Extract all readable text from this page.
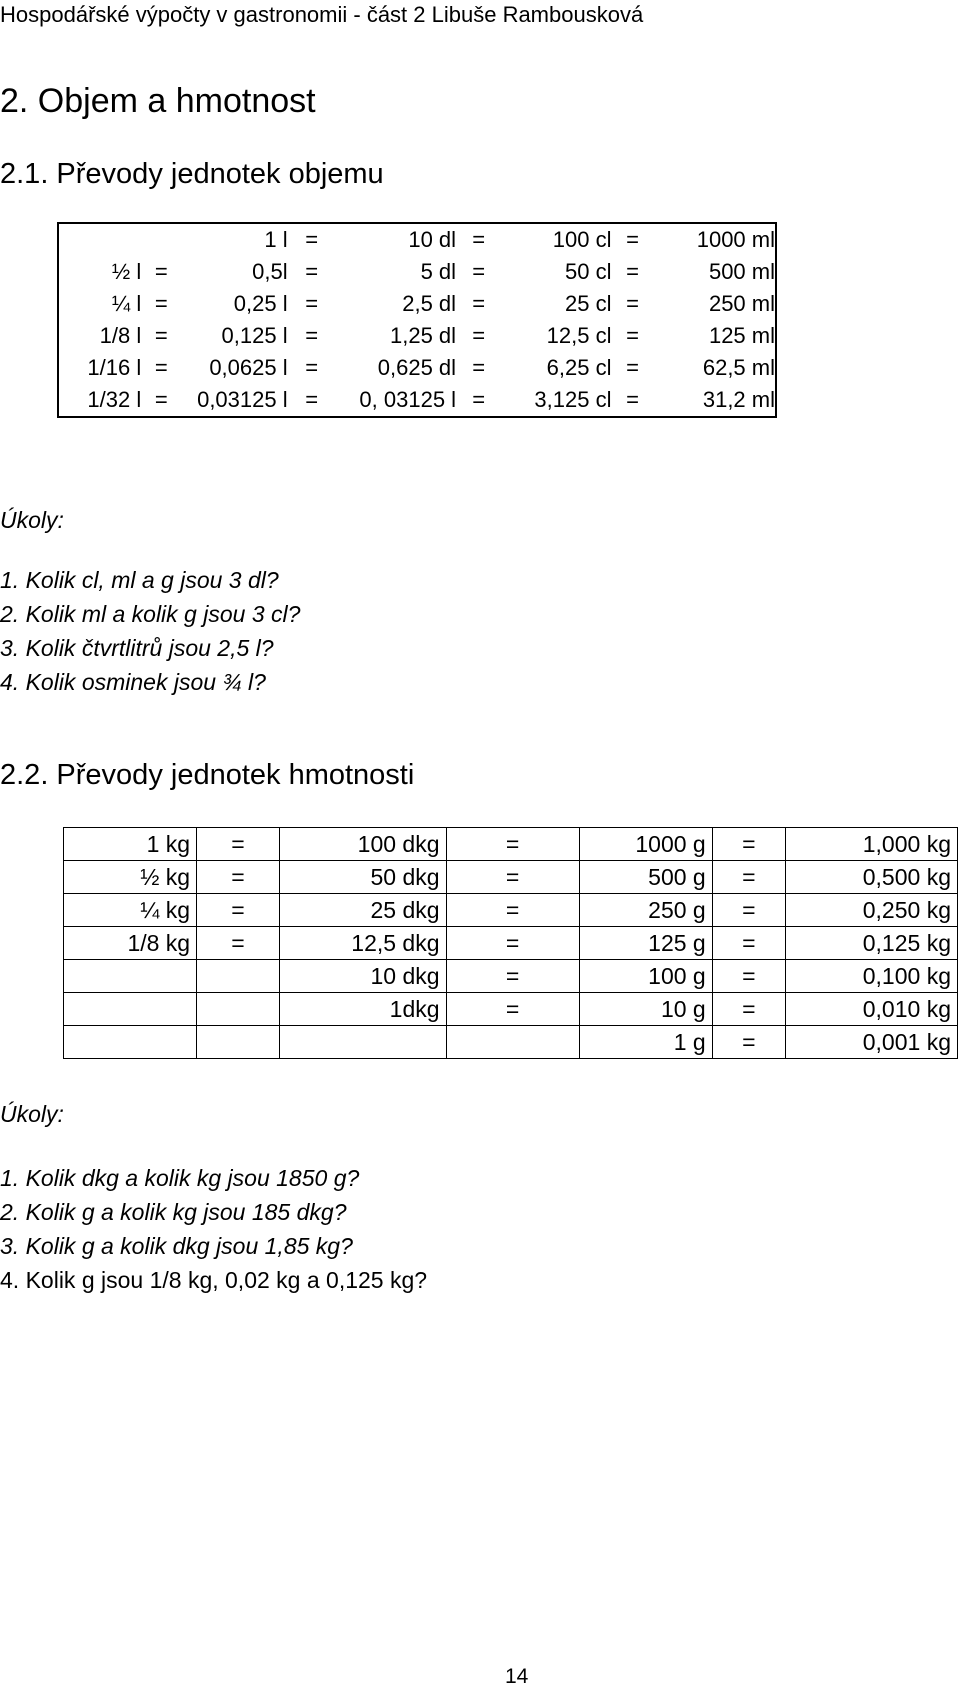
Hospodářské výpočty v gastronomii - část 2 Libuše Rambousková
2. Objem a hmotnost
2.1. Převody jednotek objemu
		1 l	=	10 dl	=	100 cl	=	1000 ml
½ l	=	0,5l	=	5 dl	=	50 cl	=	500 ml
¼ l	=	0,25 l	=	2,5 dl	=	25 cl	=	250 ml
1/8 l	=	0,125 l	=	1,25 dl	=	12,5 cl	=	125 ml
1/16 l	=	0,0625 l	=	0,625 dl	=	6,25 cl	=	62,5 ml
1/32 l	=	0,03125 l	=	0, 03125 l	=	3,125 cl	=	31,2 ml
Úkoly:
1. Kolik cl, ml a g jsou 3 dl?
2. Kolik ml a kolik g jsou 3 cl?
3. Kolik čtvrtlitrů jsou 2,5 l?
4. Kolik osminek jsou ¾ l?
2.2. Převody jednotek hmotnosti
1 kg	=	100 dkg	=	1000 g	=	1,000 kg
½ kg	=	50 dkg	=	500 g	=	0,500 kg
¼ kg	=	25 dkg	=	250 g	=	0,250 kg
1/8 kg	=	12,5 dkg	=	125 g	=	0,125 kg
		10 dkg	=	100 g	=	0,100 kg
		1dkg	=	10 g	=	0,010 kg
				1 g	=	0,001 kg
Úkoly:
1. Kolik dkg a kolik kg jsou 1850 g?
2. Kolik g a kolik kg jsou 185 dkg?
3. Kolik g a kolik dkg jsou 1,85 kg?
4. Kolik g jsou 1/8 kg, 0,02 kg a 0,125 kg?
14
